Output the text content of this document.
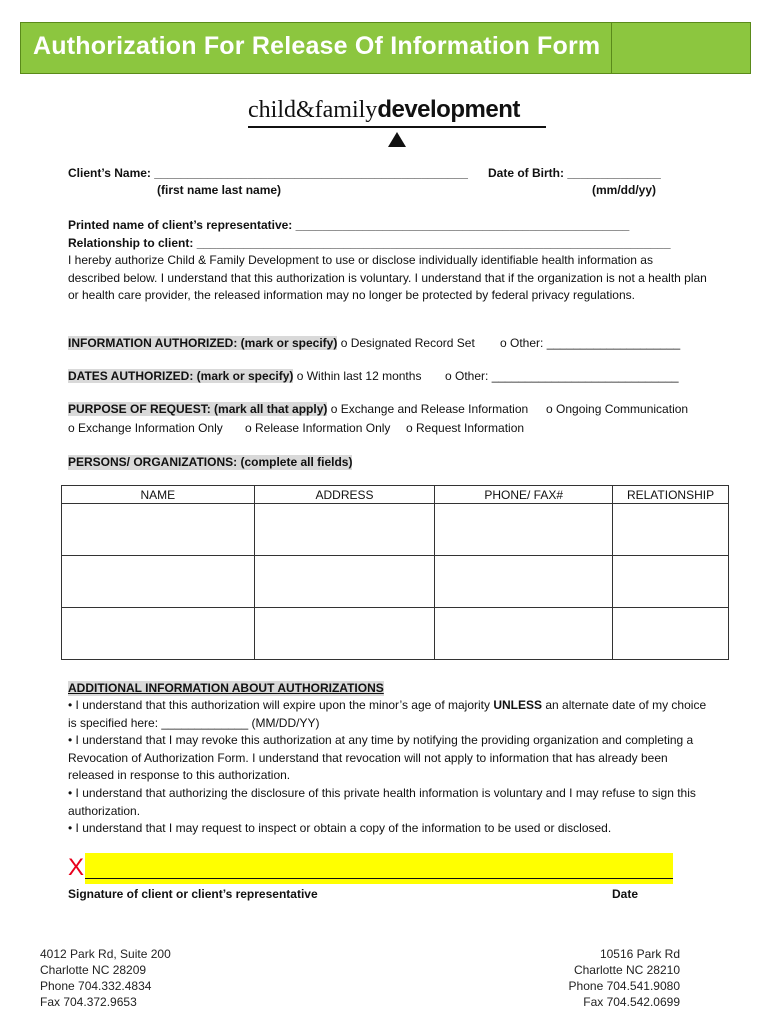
Authorization For Release Of Information Form
child&familydevelopment
Client’s Name: _______________________________________________ Date of Birth: ______________
(first name last name)	(mm/dd/yy)
Printed name of client’s representative: __________________________________________________
Relationship to client: _______________________________________________________________________
I hereby authorize Child & Family Development to use or disclose individually identifiable health information as described below. I understand that this authorization is voluntary. I understand that if the organization is not a health plan or health care provider, the released information may no longer be protected by federal privacy regulations.
INFORMATION AUTHORIZED: (mark or specify) o Designated Record Set o Other: ____________________
DATES AUTHORIZED: (mark or specify) o Within last 12 months o Other: ____________________________
PURPOSE OF REQUEST: (mark all that apply) o Exchange and Release Information o Ongoing Communication
o Exchange Information Only o Release Information Only o Request Information
PERSONS/ ORGANIZATIONS: (complete all fields)
NAME	ADDRESS	PHONE/ FAX#	RELATIONSHIP

ADDITIONAL INFORMATION ABOUT AUTHORIZATIONS
• I understand that this authorization will expire upon the minor’s age of majority UNLESS an alternate date of my choice is specified here: _____________ (MM/DD/YY)
• I understand that I may revoke this authorization at any time by notifying the providing organization and completing a Revocation of Authorization Form. I understand that revocation will not apply to information that has already been released in response to this authorization.
• I understand that authorizing the disclosure of this private health information is voluntary and I may refuse to sign this authorization.
• I understand that I may request to inspect or obtain a copy of the information to be used or disclosed.
X
Signature of client or client’s representative	Date
4012 Park Rd, Suite 200
Charlotte NC 28209
Phone 704.332.4834
Fax 704.372.9653
10516 Park Rd
Charlotte NC 28210
Phone 704.541.9080
Fax 704.542.0699
